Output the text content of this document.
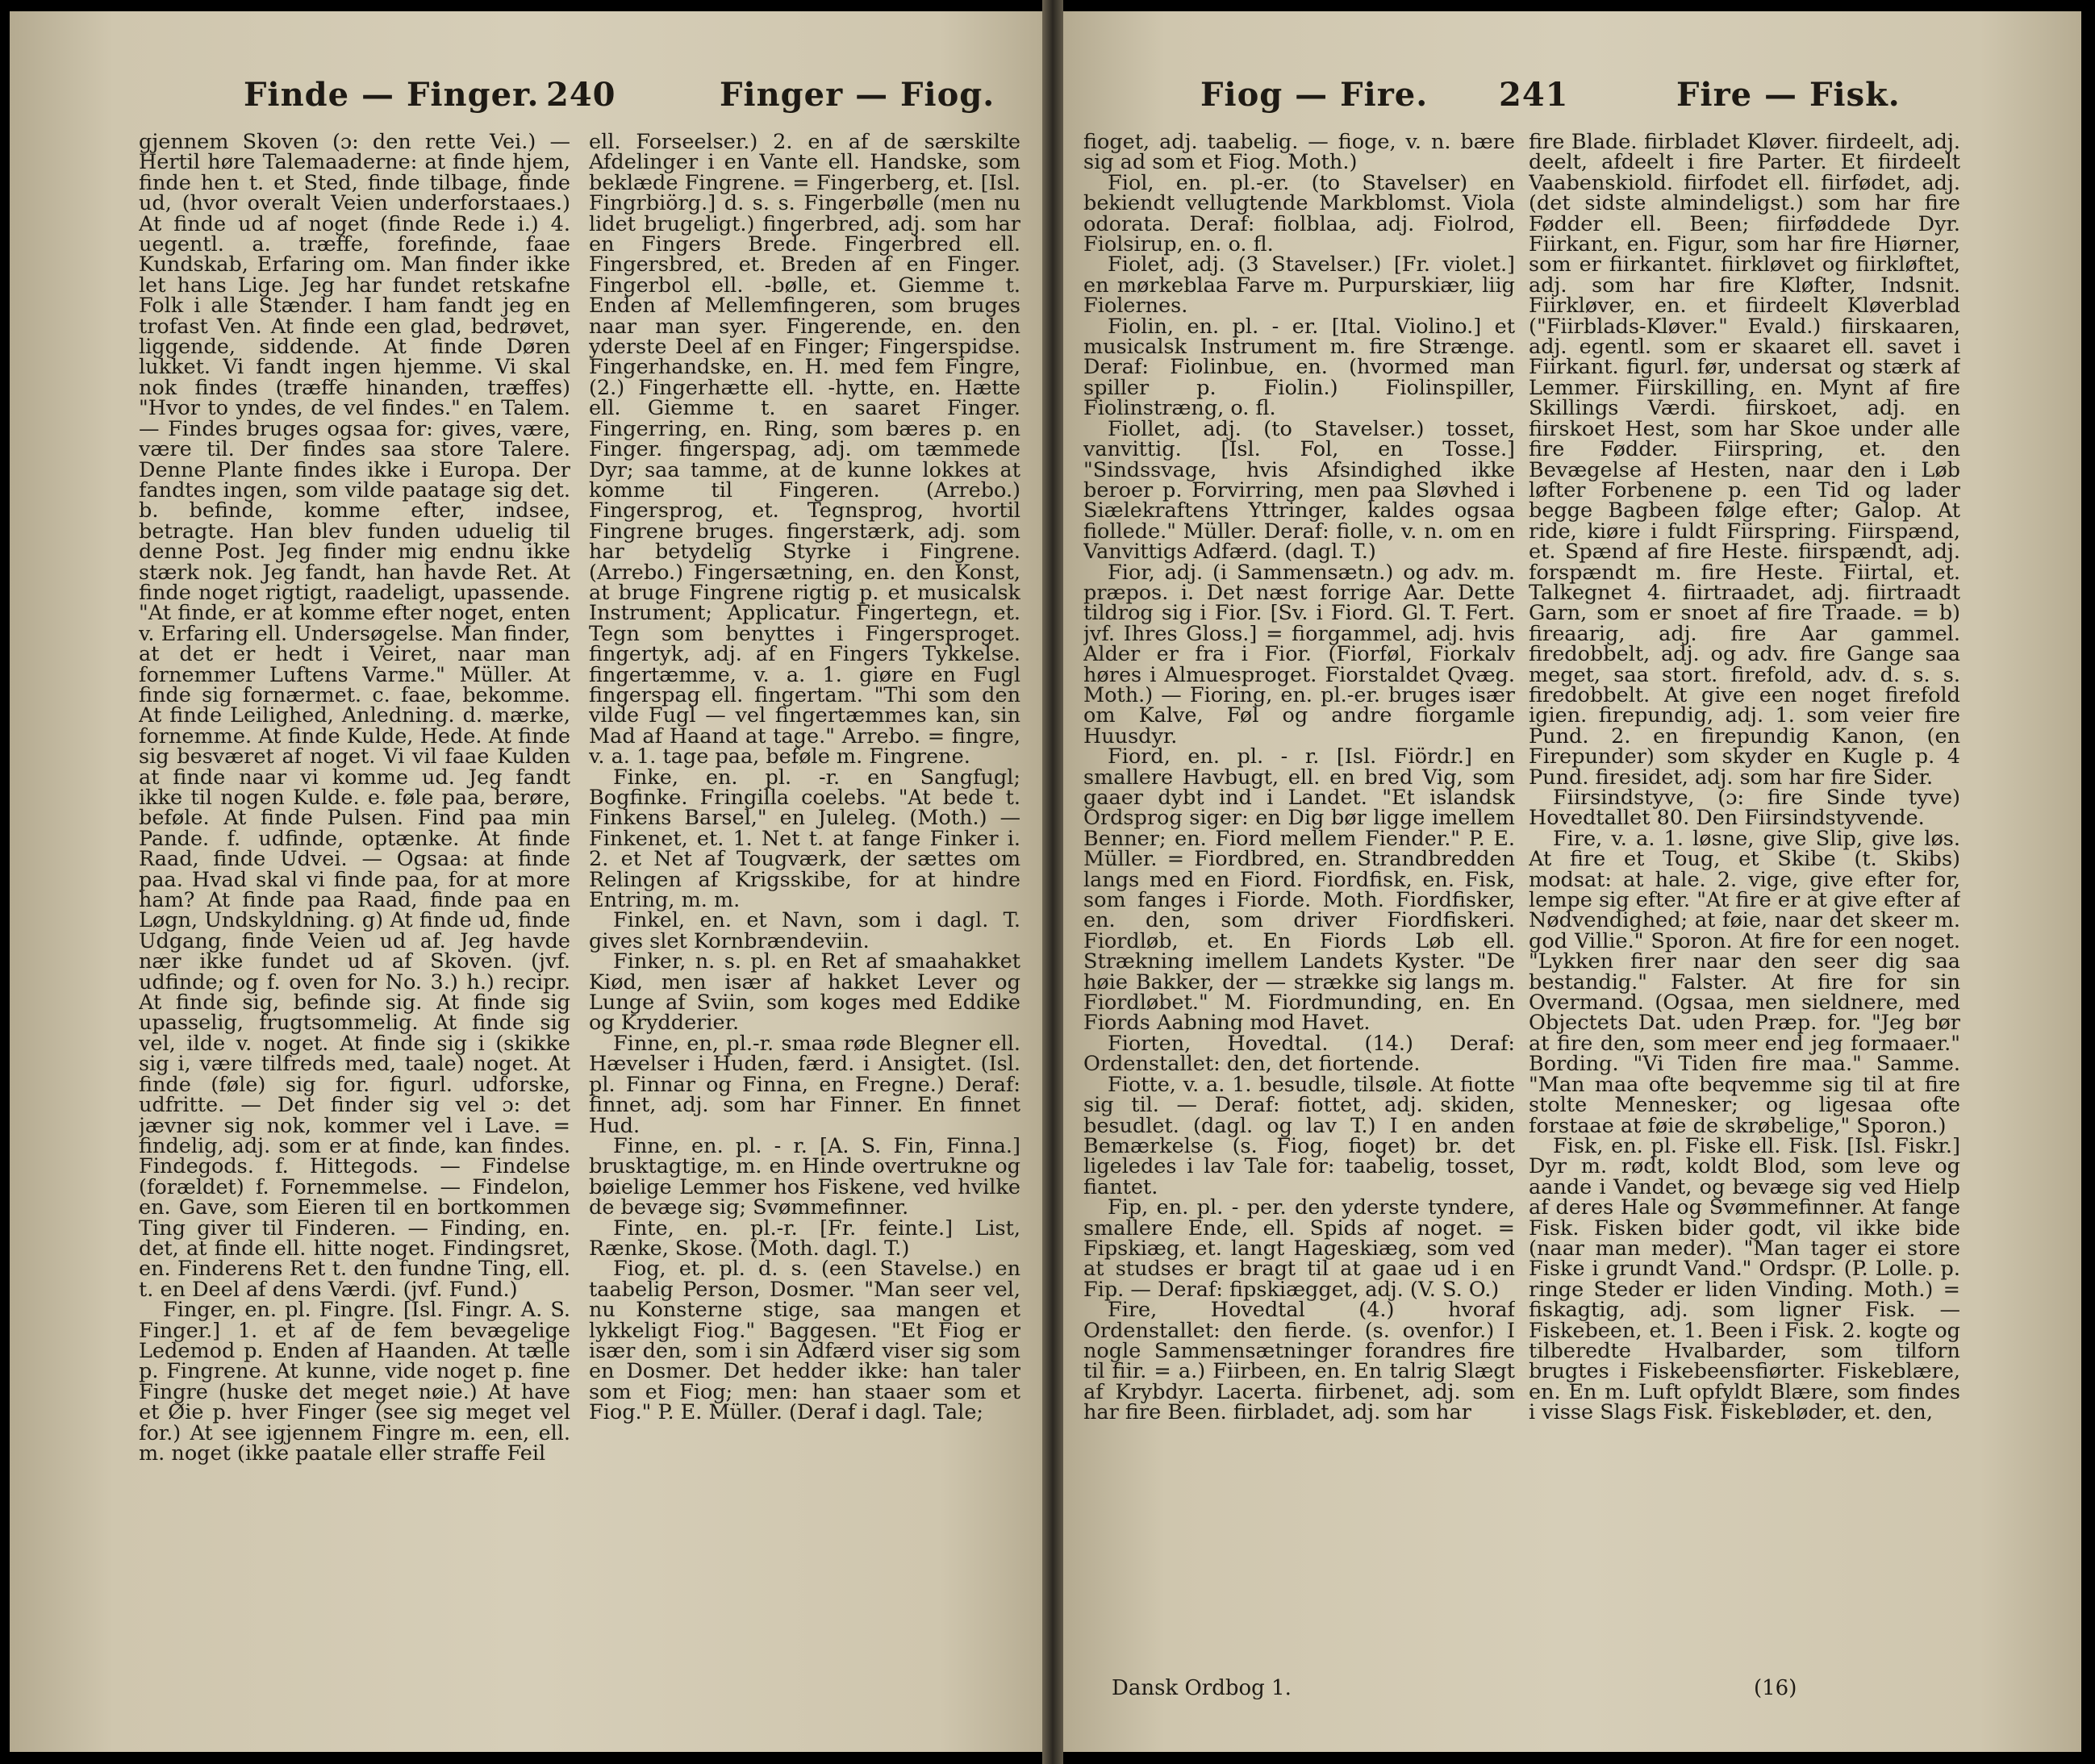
Finde — Finger. 240	Finger — Fiog.

gjennem Skoven (ɔ: den rette Vei.) — Hertil høre Talemaaderne: at finde hjem, finde hen t. et Sted, finde tilbage, finde ud, (hvor overalt Veien underforstaaes.) At finde ud af noget (finde Rede i.) 4. uegentl. a. træffe, forefinde, faae Kundskab, Erfaring om. Man finder ikke let hans Lige. Jeg har fundet retskafne Folk i alle Stænder. I ham fandt jeg en trofast Ven. At finde een glad, bedrøvet, liggende, siddende. At finde Døren lukket. Vi fandt ingen hjemme. Vi skal nok findes (træffe hinanden, træffes) "Hvor to yndes, de vel findes." en Talem. — Findes bruges ogsaa for: gives, være, være til. Der findes saa store Talere. Denne Plante findes ikke i Europa. Der fandtes ingen, som vilde paatage sig det. b. befinde, komme efter, indsee, betragte. Han blev funden uduelig til denne Post. Jeg finder mig endnu ikke stærk nok. Jeg fandt, han havde Ret. At finde noget rigtigt, raadeligt, upassende. "At finde, er at komme efter noget, enten v. Erfaring ell. Undersøgelse. Man finder, at det er hedt i Veiret, naar man fornemmer Luftens Varme." Müller. At finde sig fornærmet. c. faae, bekomme. At finde Leilighed, Anledning. d. mærke, fornemme. At finde Kulde, Hede. At finde sig besværet af noget. Vi vil faae Kulden at finde naar vi komme ud. Jeg fandt ikke til nogen Kulde. e. føle paa, berøre, beføle. At finde Pulsen. Find paa min Pande. f. udfinde, optænke. At finde Raad, finde Udvei. — Ogsaa: at finde paa. Hvad skal vi finde paa, for at more ham? At finde paa Raad, finde paa en Løgn, Undskyldning. g) At finde ud, finde Udgang, finde Veien ud af. Jeg havde nær ikke fundet ud af Skoven. (jvf. udfinde; og f. oven for No. 3.) h.) recipr. At finde sig, befinde sig. At finde sig upasselig, frugtsommelig. At finde sig vel, ilde v. noget. At finde sig i (skikke sig i, være tilfreds med, taale) noget. At finde (føle) sig for. figurl. udforske, udfritte. — Det finder sig vel ɔ: det jævner sig nok, kommer vel i Lave. = findelig, adj. som er at finde, kan findes. Findegods. f. Hittegods. — Findelse (forældet) f. Fornemmelse. — Findelon, en. Gave, som Eieren til en bortkommen Ting giver til Finderen. — Finding, en. det, at finde ell. hitte noget. Findingsret, en. Finderens Ret t. den fundne Ting, ell. t. en Deel af dens Værdi. (jvf. Fund.)

Finger, en. pl. Fingre. [Isl. Fingr. A. S. Finger.] 1. et af de fem bevægelige Ledemod p. Enden af Haanden. At tælle p. Fingrene. At kunne, vide noget p. fine Fingre (huske det meget nøie.) At have et Øie p. hver Finger (see sig meget vel for.) At see igjennem Fingre m. een, ell. m. noget (ikke paatale eller straffe Feil

ell. Forseelser.) 2. en af de særskilte Afdelinger i en Vante ell. Handske, som beklæde Fingrene. = Fingerberg, et. [Isl. Fingrbiörg.] d. s. s. Fingerbølle (men nu lidet brugeligt.) fingerbred, adj. som har en Fingers Brede. Fingerbred ell. Fingersbred, et. Breden af en Finger. Fingerbol ell. -bølle, et. Giemme t. Enden af Mellemfingeren, som bruges naar man syer. Fingerende, en. den yderste Deel af en Finger; Fingerspidse. Fingerhandske, en. H. med fem Fingre, (2.) Fingerhætte ell. -hytte, en. Hætte ell. Giemme t. en saaret Finger. Fingerring, en. Ring, som bæres p. en Finger. fingerspag, adj. om tæmmede Dyr; saa tamme, at de kunne lokkes at komme til Fingeren. (Arrebo.) Fingersprog, et. Tegnsprog, hvortil Fingrene bruges. fingerstærk, adj. som har betydelig Styrke i Fingrene. (Arrebo.) Fingersætning, en. den Konst, at bruge Fingrene rigtig p. et musicalsk Instrument; Applicatur. Fingertegn, et. Tegn som benyttes i Fingersproget. fingertyk, adj. af en Fingers Tykkelse. fingertæmme, v. a. 1. giøre en Fugl fingerspag ell. fingertam. "Thi som den vilde Fugl — vel fingertæmmes kan, sin Mad af Haand at tage." Arrebo. = fingre, v. a. 1. tage paa, beføle m. Fingrene.

Finke, en. pl. -r. en Sangfugl; Bogfinke. Fringilla coelebs. "At bede t. Finkens Barsel," en Juleleg. (Moth.) — Finkenet, et. 1. Net t. at fange Finker i. 2. et Net af Tougværk, der sættes om Relingen af Krigsskibe, for at hindre Entring, m. m.

Finkel, en. et Navn, som i dagl. T. gives slet Kornbrændeviin.

Finker, n. s. pl. en Ret af smaahakket Kiød, men især af hakket Lever og Lunge af Sviin, som koges med Eddike og Krydderier.

Finne, en, pl.-r. smaa røde Blegner ell. Hævelser i Huden, færd. i Ansigtet. (Isl. pl. Finnar og Finna, en Fregne.) Deraf: finnet, adj. som har Finner. En finnet Hud.

Finne, en. pl. - r. [A. S. Fin, Finna.] brusktagtige, m. en Hinde overtrukne og bøielige Lemmer hos Fiskene, ved hvilke de bevæge sig; Svømmefinner.

Finte, en. pl.-r. [Fr. feinte.] List, Rænke, Skose. (Moth. dagl. T.)

Fiog, et. pl. d. s. (een Stavelse.) en taabelig Person, Dosmer. "Man seer vel, nu Konsterne stige, saa mangen et lykkeligt Fiog." Baggesen. "Et Fiog er især den, som i sin Adfærd viser sig som en Dosmer. Det hedder ikke: han taler som et Fiog; men: han staaer som et Fiog." P. E. Müller. (Deraf i dagl. Tale;

Fiog — Fire. 241	Fire — Fisk.

fioget, adj. taabelig. — fioge, v. n. bære sig ad som et Fiog. Moth.)

Fiol, en. pl.-er. (to Stavelser) en bekiendt vellugtende Markblomst. Viola odorata. Deraf: fiolblaa, adj. Fiolrod, Fiolsirup, en. o. fl.

Fiolet, adj. (3 Stavelser.) [Fr. violet.] en mørkeblaa Farve m. Purpurskiær, liig Fiolernes.

Fiolin, en. pl. - er. [Ital. Violino.] et musicalsk Instrument m. fire Strænge. Deraf: Fiolinbue, en. (hvormed man spiller p. Fiolin.) Fiolinspiller, Fiolinstræng, o. fl.

Fiollet, adj. (to Stavelser.) tosset, vanvittig. [Isl. Fol, en Tosse.] "Sindssvage, hvis Afsindighed ikke beroer p. Forvirring, men paa Sløvhed i Siælekraftens Yttringer, kaldes ogsaa fiollede." Müller. Deraf: fiolle, v. n. om en Vanvittigs Adfærd. (dagl. T.)

Fior, adj. (i Sammensætn.) og adv. m. præpos. i. Det næst forrige Aar. Dette tildrog sig i Fior. [Sv. i Fiord. Gl. T. Fert. jvf. Ihres Gloss.] = fiorgammel, adj. hvis Alder er fra i Fior. (Fiorføl, Fiorkalv høres i Almuesproget. Fiorstaldet Qvæg. Moth.) — Fioring, en. pl.-er. bruges især om Kalve, Føl og andre fiorgamle Huusdyr.

Fiord, en. pl. - r. [Isl. Fiördr.] en smallere Havbugt, ell. en bred Vig, som gaaer dybt ind i Landet. "Et islandsk Ordsprog siger: en Dig bør ligge imellem Benner; en. Fiord mellem Fiender." P. E. Müller. = Fiordbred, en. Strandbredden langs med en Fiord. Fiordfisk, en. Fisk, som fanges i Fiorde. Moth. Fiordfisker, en. den, som driver Fiordfiskeri. Fiordløb, et. En Fiords Løb ell. Strækning imellem Landets Kyster. "De høie Bakker, der — strække sig langs m. Fiordløbet." M. Fiordmunding, en. En Fiords Aabning mod Havet.

Fiorten, Hovedtal. (14.) Deraf: Ordenstallet: den, det fiortende.

Fiotte, v. a. 1. besudle, tilsøle. At fiotte sig til. — Deraf: fiottet, adj. skiden, besudlet. (dagl. og lav T.) I en anden Bemærkelse (s. Fiog, fioget) br. det ligeledes i lav Tale for: taabelig, tosset, fiantet.

Fip, en. pl. - per. den yderste tyndere, smallere Ende, ell. Spids af noget. = Fipskiæg, et. langt Hageskiæg, som ved at studses er bragt til at gaae ud i en Fip. — Deraf: fipskiægget, adj. (V. S. O.)

Fire, Hovedtal (4.) hvoraf Ordenstallet: den fierde. (s. ovenfor.) I nogle Sammensætninger forandres fire til fiir. = a.) Fiirbeen, en. En talrig Slægt af Krybdyr. Lacerta. fiirbenet, adj. som har fire Been. fiirbladet, adj. som har

fire Blade. fiirbladet Kløver. fiirdeelt, adj. deelt, afdeelt i fire Parter. Et fiirdeelt Vaabenskiold. fiirfodet ell. fiirfødet, adj. (det sidste almindeligst.) som har fire Fødder ell. Been; fiirføddede Dyr. Fiirkant, en. Figur, som har fire Hiørner, som er fiirkantet. fiirkløvet og fiirkløftet, adj. som har fire Kløfter, Indsnit. Fiirkløver, en. et fiirdeelt Kløverblad ("Fiirblads-Kløver." Evald.) fiirskaaren, adj. egentl. som er skaaret ell. savet i Fiirkant. figurl. før, undersat og stærk af Lemmer. Fiirskilling, en. Mynt af fire Skillings Værdi. fiirskoet, adj. en fiirskoet Hest, som har Skoe under alle fire Fødder. Fiirspring, et. den Bevægelse af Hesten, naar den i Løb løfter Forbenene p. een Tid og lader begge Bagbeen følge efter; Galop. At ride, kiøre i fuldt Fiirspring. Fiirspænd, et. Spænd af fire Heste. fiirspændt, adj. forspændt m. fire Heste. Fiirtal, et. Talkegnet 4. fiirtraadet, adj. fiirtraadt Garn, som er snoet af fire Traade. = b) fireaarig, adj. fire Aar gammel. firedobbelt, adj. og adv. fire Gange saa meget, saa stort. firefold, adv. d. s. s. firedobbelt. At give een noget firefold igien. firepundig, adj. 1. som veier fire Pund. 2. en firepundig Kanon, (en Firepunder) som skyder en Kugle p. 4 Pund. firesidet, adj. som har fire Sider.

Fiirsindstyve, (ɔ: fire Sinde tyve) Hovedtallet 80. Den Fiirsindstyvende.

Fire, v. a. 1. løsne, give Slip, give løs. At fire et Toug, et Skibe (t. Skibs) modsat: at hale. 2. vige, give efter for, lempe sig efter. "At fire er at give efter af Nødvendighed; at føie, naar det skeer m. god Villie." Sporon. At fire for een noget. "Lykken firer naar den seer dig saa bestandig." Falster. At fire for sin Overmand. (Ogsaa, men sieldnere, med Objectets Dat. uden Præp. for. "Jeg bør at fire den, som meer end jeg formaaer." Bording. "Vi Tiden fire maa." Samme. "Man maa ofte beqvemme sig til at fire stolte Mennesker; og ligesaa ofte forstaae at føie de skrøbelige," Sporon.)

Fisk, en. pl. Fiske ell. Fisk. [Isl. Fiskr.] Dyr m. rødt, koldt Blod, som leve og aande i Vandet, og bevæge sig ved Hielp af deres Hale og Svømmefinner. At fange Fisk. Fisken bider godt, vil ikke bide (naar man meder). "Man tager ei store Fiske i grundt Vand." Ordspr. (P. Lolle. p. ringe Steder er liden Vinding. Moth.) = fiskagtig, adj. som ligner Fisk. — Fiskebeen, et. 1. Been i Fisk. 2. kogte og tilberedte Hvalbarder, som tilforn brugtes i Fiskebeensfiørter. Fiskeblære, en. En m. Luft opfyldt Blære, som findes i visse Slags Fisk. Fiskebløder, et. den,

Dansk Ordbog 1.	(16)
